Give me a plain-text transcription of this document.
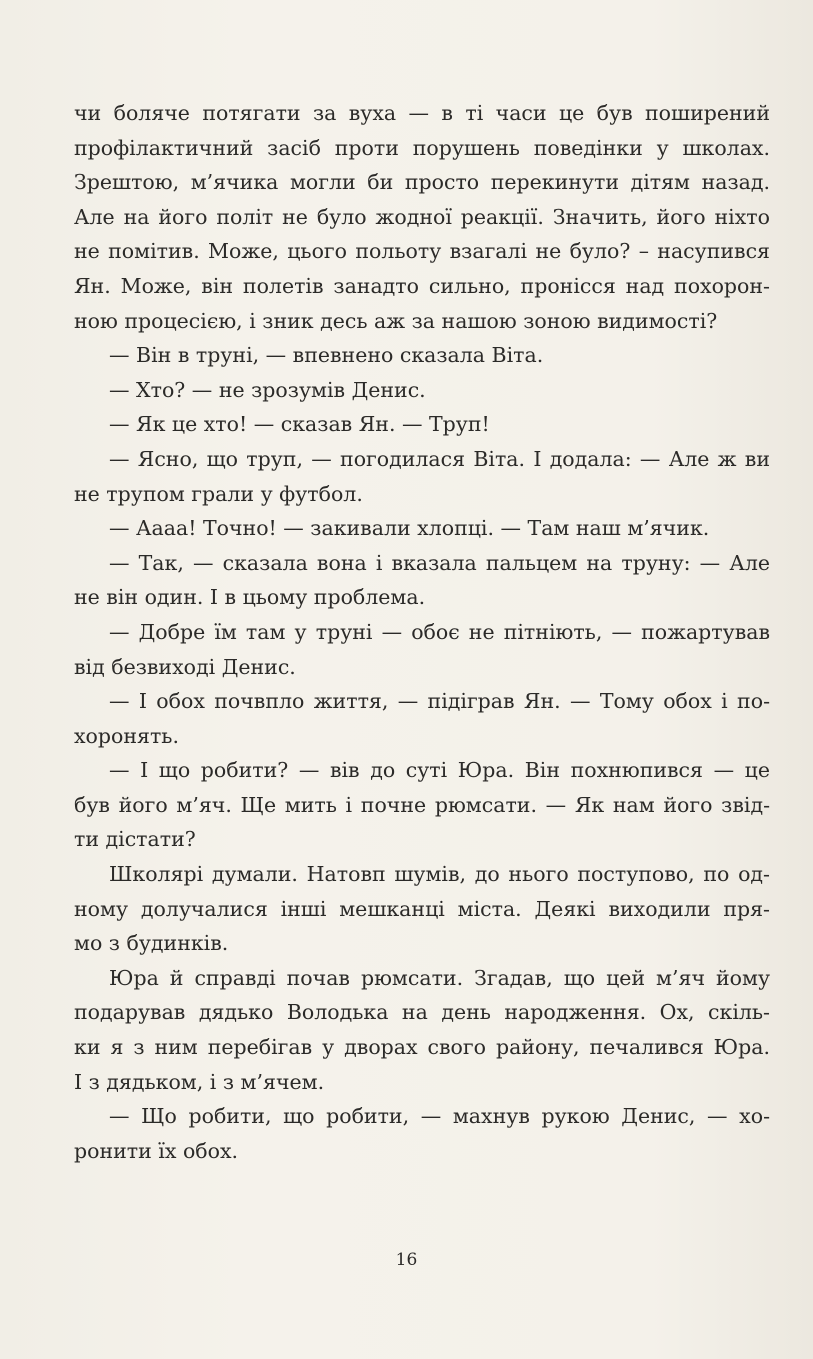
чи боляче потягати за вуха — в ті часи це був поширений
профілактичний засіб проти порушень поведінки у школах.
Зрештою, м’ячика могли би просто перекинути дітям назад.
Але на його політ не було жодної реакції. Значить, його ніхто
не помітив. Може, цього польоту взагалі не було? – насупився
Ян. Може, він полетів занадто сильно, пронісся над похорон-
ною процесією, і зник десь аж за нашою зоною видимості?
— Він в труні, — впевнено сказала Віта.
— Хто? — не зрозумів Денис.
— Як це хто! — сказав Ян. — Труп!
— Ясно, що труп, — погодилася Віта. І додала: — Але ж ви
не трупом грали у футбол.
— Аааа! Точно! — закивали хлопці. — Там наш м’ячик.
— Так, — сказала вона і вказала пальцем на труну: — Але
не він один. І в цьому проблема.
— Добре їм там у труні — обоє не пітніють, — пожартував
від безвиході Денис.
— І обох почвпло життя, — підіграв Ян. — Тому обох і по-
хоронять.
— І що робити? — вів до суті Юра. Він похнюпився — це
був його м’яч. Ще мить і почне рюмсати. — Як нам його звід-
ти дістати?
Школярі думали. Натовп шумів, до нього поступово, по од-
ному долучалися інші мешканці міста. Деякі виходили пря-
мо з будинків.
Юра й справді почав рюмсати. Згадав, що цей м’яч йому
подарував дядько Володька на день народження. Ох, скіль-
ки я з ним перебігав у дворах свого району, печалився Юра.
І з дядьком, і з м’ячем.
— Що робити, що робити, — махнув рукою Денис, — хо-
ронити їх обох.
16
